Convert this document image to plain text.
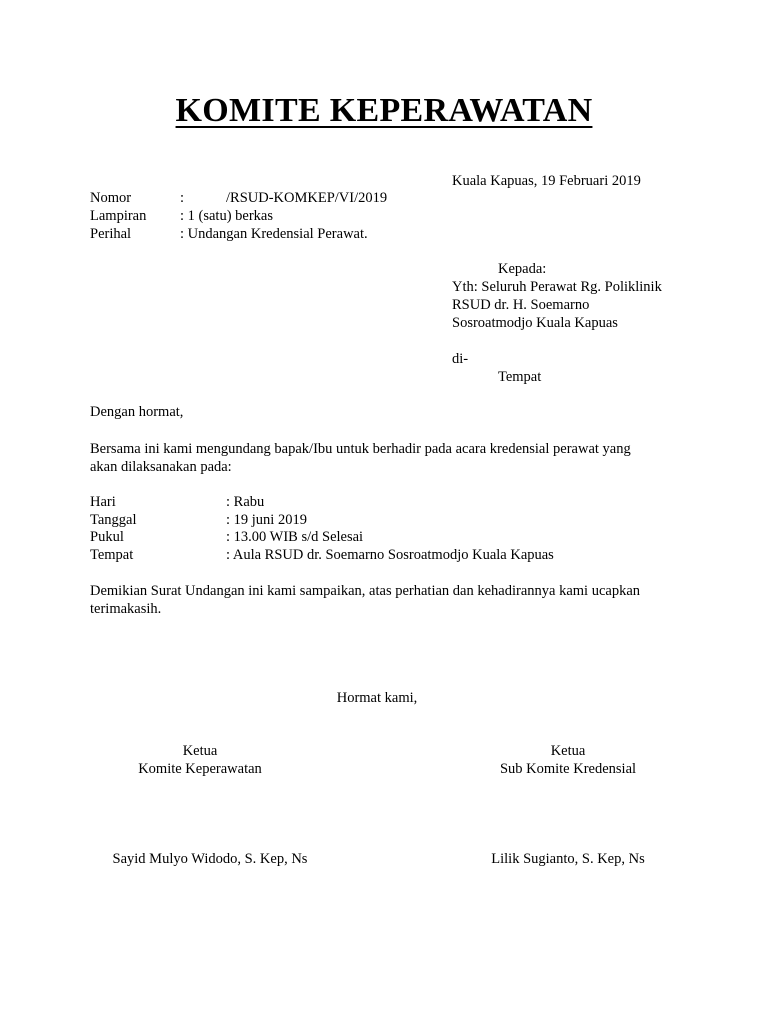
KOMITE KEPERAWATAN
Kuala Kapuas, 19 Februari 2019
Nomor	:	/RSUD-KOMKEP/VI/2019
Lampiran : 1 (satu) berkas
Perihal	: Undangan Kredensial Perawat.
Kepada:
Yth: Seluruh Perawat Rg. Poliklinik
RSUD dr. H. Soemarno
Sosroatmodjo Kuala Kapuas
di-
Tempat
Dengan hormat,
Bersama ini kami mengundang bapak/Ibu untuk berhadir pada acara kredensial perawat yang
akan dilaksanakan pada:
Hari	: Rabu
Tanggal	: 19 juni 2019
Pukul	: 13.00 WIB s/d Selesai
Tempat	: Aula RSUD dr. Soemarno Sosroatmodjo Kuala Kapuas
Demikian Surat Undangan ini kami sampaikan, atas perhatian dan kehadirannya kami ucapkan
terimakasih.
Hormat kami,
Ketua
Komite Keperawatan
Sayid Mulyo Widodo, S. Kep, Ns
Ketua
Sub Komite Kredensial
Lilik Sugianto, S. Kep, Ns
